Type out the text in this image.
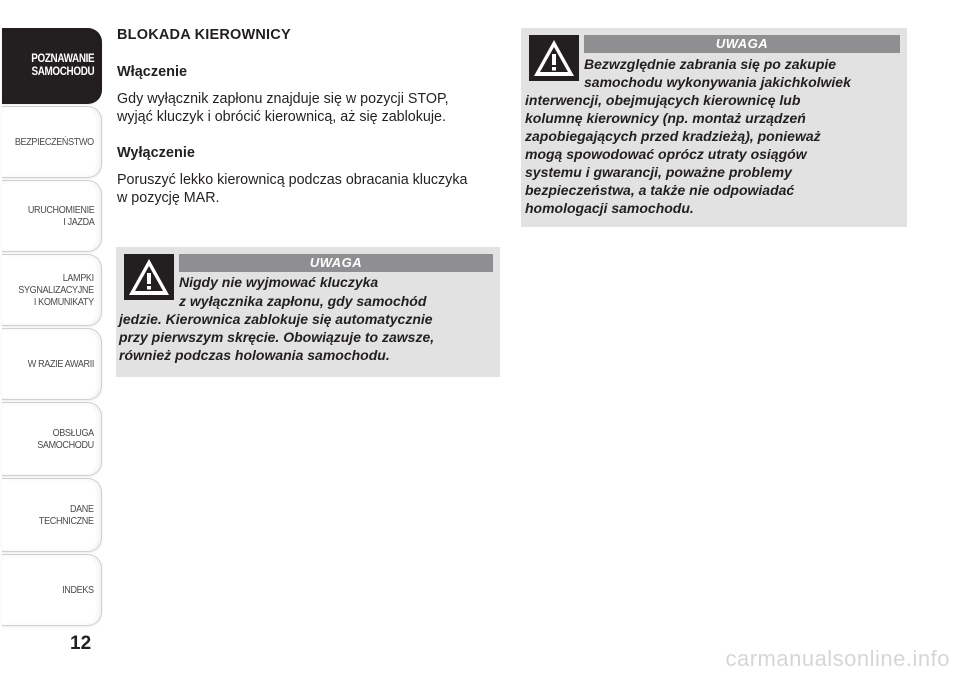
POZNAWANIE
SAMOCHODU
BEZPIECZEŃSTWO
URUCHOMIENIE
I JAZDA
LAMPKI
SYGNALIZACYJNE
I KOMUNIKATY
W RAZIE AWARII
OBSŁUGA
SAMOCHODU
DANE
TECHNICZNE
INDEKS
12
BLOKADA KIEROWNICY
Włączenie
Gdy wyłącznik zapłonu znajduje się w pozycji STOP,
wyjąć kluczyk i obrócić kierownicą, aż się zablokuje.
Wyłączenie
Poruszyć lekko kierownicą podczas obracania kluczyka
w pozycję MAR.
UWAGA
Nigdy nie wyjmować kluczyka
z wyłącznika zapłonu, gdy samochód
jedzie. Kierownica zablokuje się automatycznie
przy pierwszym skręcie. Obowiązuje to zawsze,
również podczas holowania samochodu.
UWAGA
Bezwzględnie zabrania się po zakupie
samochodu wykonywania jakichkolwiek
interwencji, obejmujących kierownicę lub
kolumnę kierownicy (np. montaż urządzeń
zapobiegających przed kradzieżą), ponieważ
mogą spowodować oprócz utraty osiągów
systemu i gwarancji, poważne problemy
bezpieczeństwa, a także nie odpowiadać
homologacji samochodu.
carmanualsonline.info
